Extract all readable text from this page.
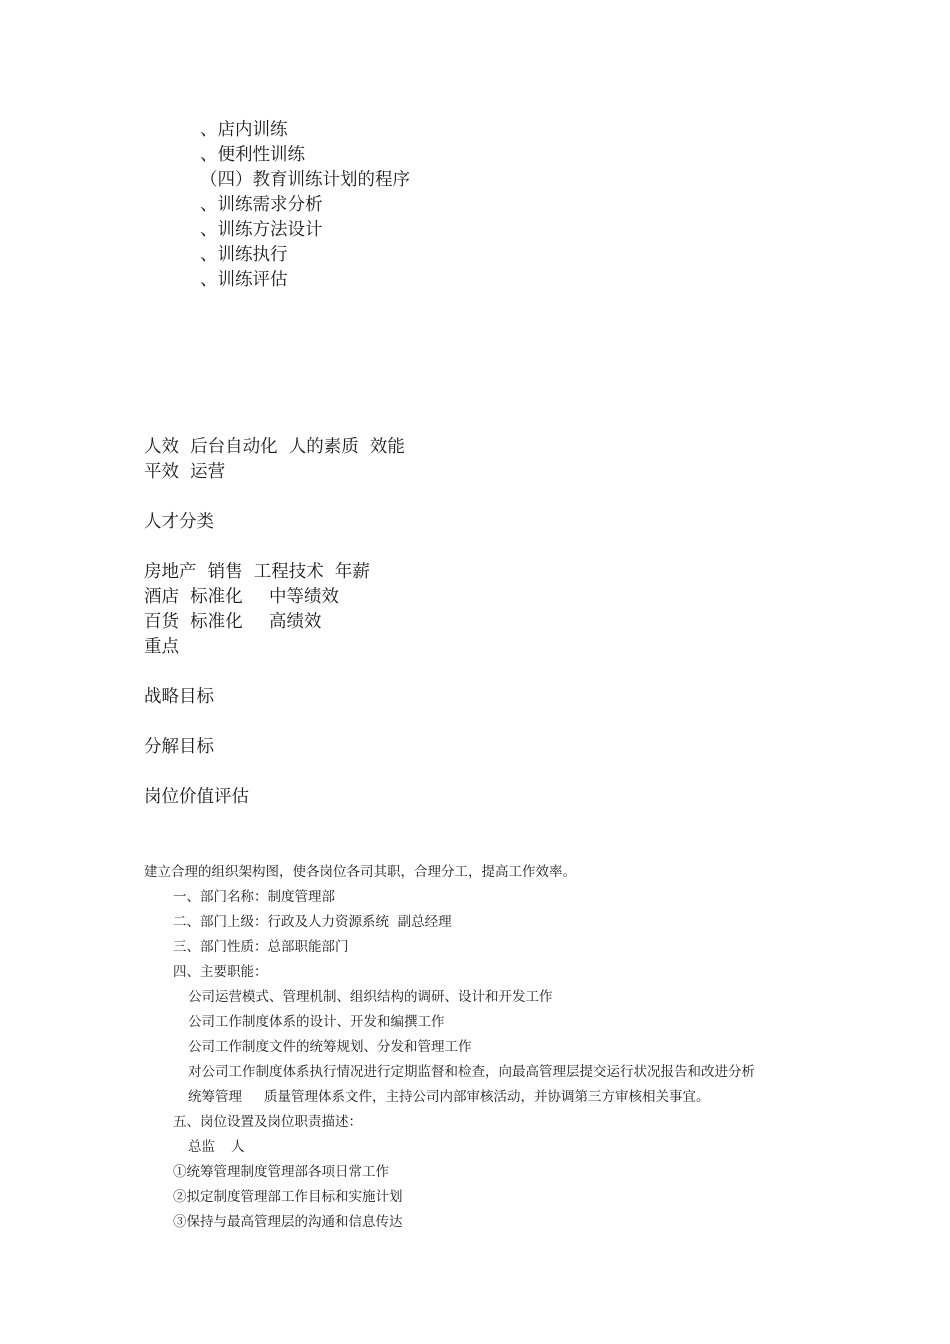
、店内训练
、便利性训练
（四）教育训练计划的程序
、训练需求分析
、训练方法设计
、训练执行
、训练评估
人效  后台自动化  人的素质  效能
平效  运营
人才分类
房地产  销售  工程技术  年薪
酒店  标准化 中等绩效
百货  标准化 高绩效
重点
战略目标
分解目标
岗位价值评估
建立合理的组织架构图，使各岗位各司其职，合理分工，提高工作效率。
一、部门名称：制度管理部
二、部门上级：行政及人力资源系统  副总经理
三、部门性质：总部职能部门
四、主要职能：
公司运营模式、管理机制、组织结构的调研、设计和开发工作
公司工作制度体系的设计、开发和编撰工作
公司工作制度文件的统筹规划、分发和管理工作
对公司工作制度体系执行情况进行定期监督和检查，向最高管理层提交运行状况报告和改进分析
统筹管理 质量管理体系文件，主持公司内部审核活动，并协调第三方审核相关事宜。
五、岗位设置及岗位职责描述：
总监 人
①统筹管理制度管理部各项日常工作
②拟定制度管理部工作目标和实施计划
③保持与最高管理层的沟通和信息传达
